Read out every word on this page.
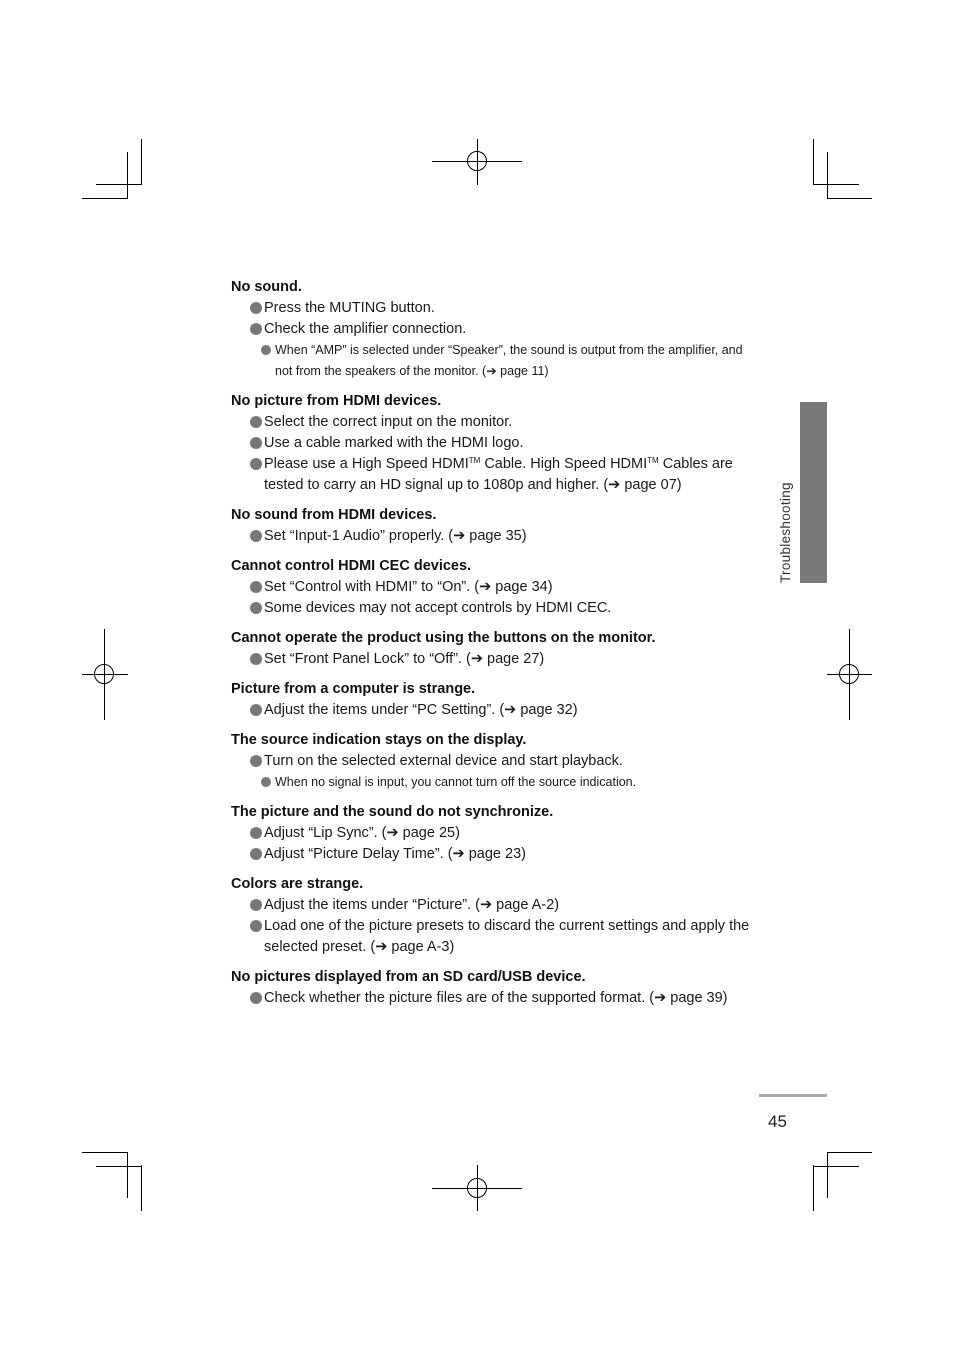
Troubleshooting
No sound.
Press the MUTING button.
Check the amplifier connection.
When “AMP” is selected under “Speaker”, the sound is output from the amplifier, and not from the speakers of the monitor. (➔ page 11)
No picture from HDMI devices.
Select the correct input on the monitor.
Use a cable marked with the HDMI logo.
Please use a High Speed HDMI™ Cable. High Speed HDMI™ Cables are tested to carry an HD signal up to 1080p and higher. (➔ page 07)
No sound from HDMI devices.
Set “Input-1 Audio” properly. (➔ page 35)
Cannot control HDMI CEC devices.
Set “Control with HDMI” to “On”. (➔ page 34)
Some devices may not accept controls by HDMI CEC.
Cannot operate the product using the buttons on the monitor.
Set “Front Panel Lock” to “Off”. (➔ page 27)
Picture from a computer is strange.
Adjust the items under “PC Setting”. (➔ page 32)
The source indication stays on the display.
Turn on the selected external device and start playback.
When no signal is input, you cannot turn off the source indication.
The picture and the sound do not synchronize.
Adjust “Lip Sync”. (➔ page 25)
Adjust “Picture Delay Time”. (➔ page 23)
Colors are strange.
Adjust the items under “Picture”. (➔ page A-2)
Load one of the picture presets to discard the current settings and apply the selected preset. (➔ page A-3)
No pictures displayed from an SD card/USB device.
Check whether the picture files are of the supported format. (➔ page 39)
45
